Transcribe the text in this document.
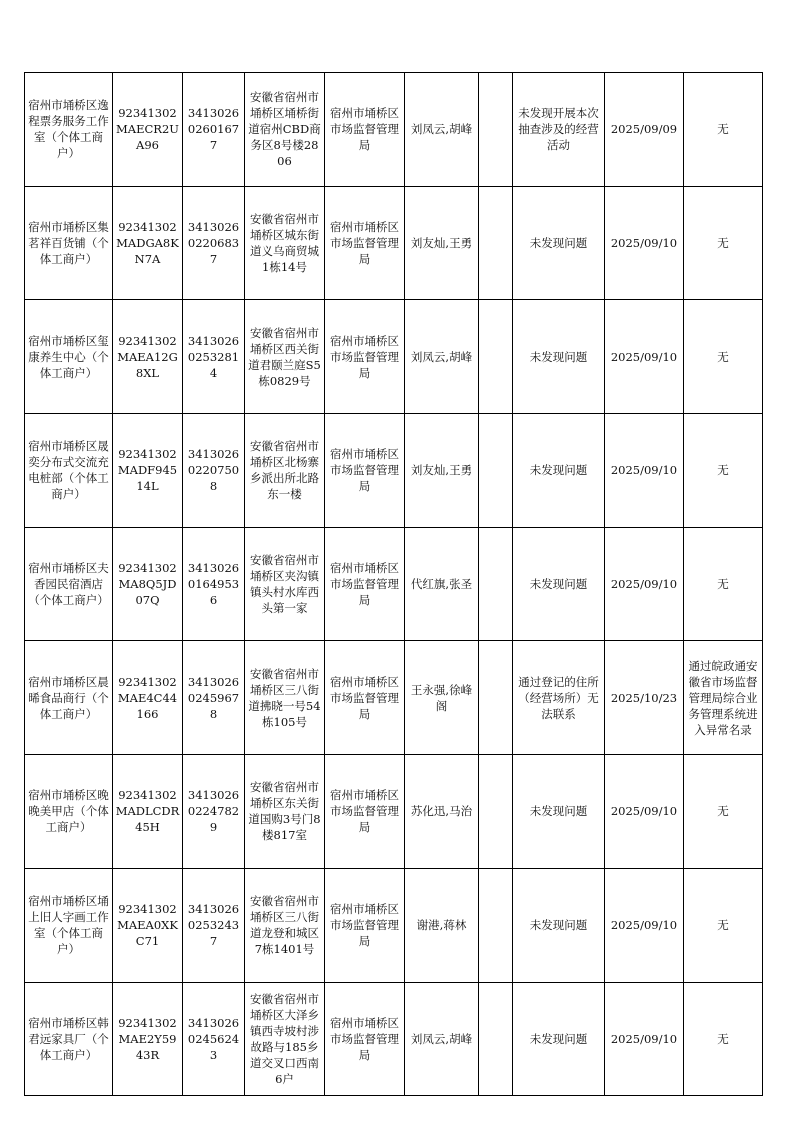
宿州市埇桥区逸程票务服务工作室（个体工商户）	92341302MAECR2UA96	341302602601677	安徽省宿州市埇桥区埇桥街道宿州CBD商务区8号楼2806	宿州市埇桥区市场监督管理局	刘凤云,胡峰		未发现开展本次抽查涉及的经营活动	2025/09/09	无
宿州市埇桥区集茗祥百货铺（个体工商户）	92341302MADGA8KN7A	341302602206837	安徽省宿州市埇桥区城东街道义乌商贸城1栋14号	宿州市埇桥区市场监督管理局	刘友灿,王勇		未发现问题	2025/09/10	无
宿州市埇桥区玺康养生中心（个体工商户）	92341302MAEA12G8XL	341302602532814	安徽省宿州市埇桥区西关街道君颐兰庭S5栋0829号	宿州市埇桥区市场监督管理局	刘凤云,胡峰		未发现问题	2025/09/10	无
宿州市埇桥区晟奕分布式交流充电桩部（个体工商户）	92341302MADF94514L	341302602207508	安徽省宿州市埇桥区北杨寨乡派出所北路东一楼	宿州市埇桥区市场监督管理局	刘友灿,王勇		未发现问题	2025/09/10	无
宿州市埇桥区夫香园民宿酒店（个体工商户）	92341302MA8Q5JD07Q	341302601649536	安徽省宿州市埇桥区夹沟镇镇头村水库西头第一家	宿州市埇桥区市场监督管理局	代红旗,张圣		未发现问题	2025/09/10	无
宿州市埇桥区晨晞食品商行（个体工商户）	92341302MAE4C44166	341302602459678	安徽省宿州市埇桥区三八街道拂晓一号54栋105号	宿州市埇桥区市场监督管理局	王永强,徐峰阁		通过登记的住所（经营场所）无法联系	2025/10/23	通过皖政通安徽省市场监督管理局综合业务管理系统进入异常名录
宿州市埇桥区晚晚美甲店（个体工商户）	92341302MADLCDR45H	341302602247829	安徽省宿州市埇桥区东关街道国购3号门8楼817室	宿州市埇桥区市场监督管理局	苏化迅,马治		未发现问题	2025/09/10	无
宿州市埇桥区埇上旧人字画工作室（个体工商户）	92341302MAEA0XKC71	341302602532437	安徽省宿州市埇桥区三八街道龙登和城区7栋1401号	宿州市埇桥区市场监督管理局	谢港,蒋林		未发现问题	2025/09/10	无
宿州市埇桥区韩君远家具厂（个体工商户）	92341302MAE2Y5943R	341302602456243	安徽省宿州市埇桥区大泽乡镇西寺坡村涉故路与185乡道交叉口西南6户	宿州市埇桥区市场监督管理局	刘凤云,胡峰		未发现问题	2025/09/10	无
